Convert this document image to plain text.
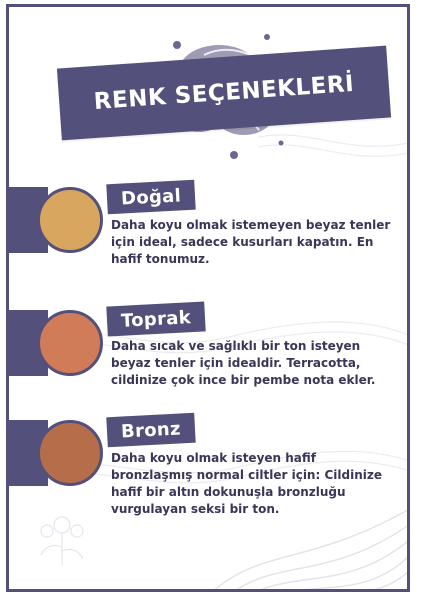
RENK SEÇENEKLERİ
Doğal
Daha koyu olmak istemeyen beyaz tenler için ideal, sadece kusurları kapatın. En hafif tonumuz.
Toprak
Daha sıcak ve sağlıklı bir ton isteyen beyaz tenler için idealdir. Terracotta, cildinize çok ince bir pembe nota ekler.
Bronz
Daha koyu olmak isteyen hafif bronzlaşmış normal ciltler için: Cildinize hafif bir altın dokunuşla bronzluğu vurgulayan seksi bir ton.
